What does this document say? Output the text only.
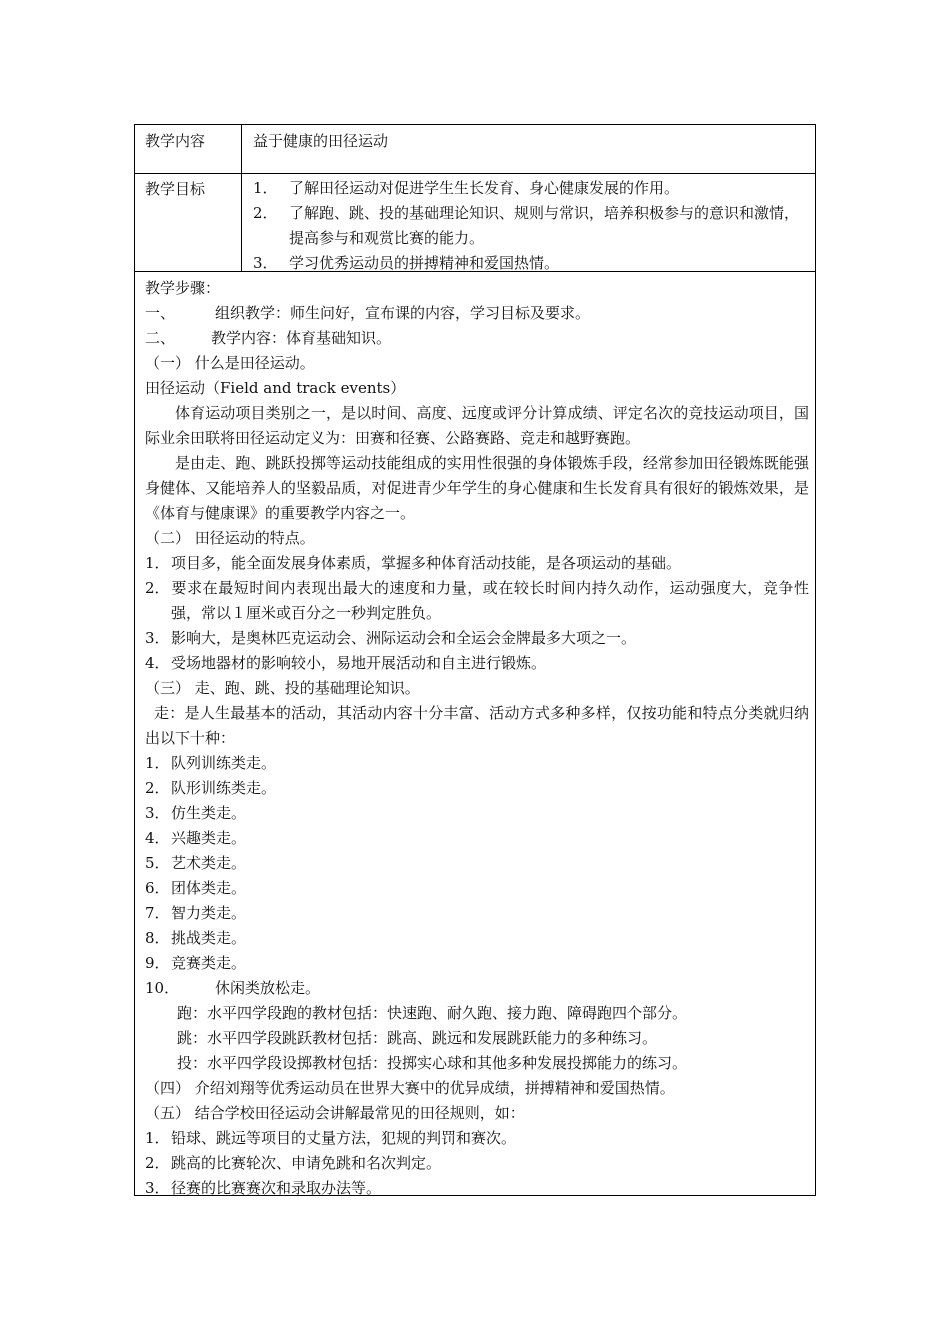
教学内容	益于健康的田径运动
教学目标	1． 了解田径运动对促进学生生长发育、身心健康发展的作用。
2． 了解跑、跳、投的基础理论知识、规则与常识，培养积极参与的意识和激情，提高参与和观赏比赛的能力。
3． 学习优秀运动员的拼搏精神和爱国热情。
教学步骤：
一、	组织教学：师生问好，宣布课的内容，学习目标及要求。
二、 教学内容：体育基础知识。
（一） 什么是田径运动。
田径运动（Field and track events）
体育运动项目类别之一，是以时间、高度、远度或评分计算成绩、评定名次的竞技运动项目，国际业余田联将田径运动定义为：田赛和径赛、公路赛路、竞走和越野赛跑。
是由走、跑、跳跃投掷等运动技能组成的实用性很强的身体锻炼手段，经常参加田径锻炼既能强身健体、又能培养人的坚毅品质，对促进青少年学生的身心健康和生长发育具有很好的锻炼效果，是《体育与健康课》的重要教学内容之一。
（二） 田径运动的特点。
1．项目多，能全面发展身体素质，掌握多种体育活动技能，是各项运动的基础。
2．要求在最短时间内表现出最大的速度和力量，或在较长时间内持久动作，运动强度大，竞争性强，常以１厘米或百分之一秒判定胜负。
3．影响大，是奥林匹克运动会、洲际运动会和全运会金牌最多大项之一。
4．受场地器材的影响较小，易地开展活动和自主进行锻炼。
（三） 走、跑、跳、投的基础理论知识。
走：是人生最基本的活动，其活动内容十分丰富、活动方式多种多样，仅按功能和特点分类就归纳出以下十种：
1．队列训练类走。
2．队形训练类走。
3．仿生类走。
4．兴趣类走。
5．艺术类走。
6．团体类走。
7．智力类走。
8．挑战类走。
9．竞赛类走。
10． 休闲类放松走。
跑：水平四学段跑的教材包括：快速跑、耐久跑、接力跑、障碍跑四个部分。
跳：水平四学段跳跃教材包括：跳高、跳远和发展跳跃能力的多种练习。
投：水平四学段设掷教材包括：投掷实心球和其他多种发展投掷能力的练习。
（四） 介绍刘翔等优秀运动员在世界大赛中的优异成绩，拼搏精神和爱国热情。
（五） 结合学校田径运动会讲解最常见的田径规则，如：
1．铅球、跳远等项目的丈量方法，犯规的判罚和赛次。
2．跳高的比赛轮次、申请免跳和名次判定。
3．径赛的比赛赛次和录取办法等。
